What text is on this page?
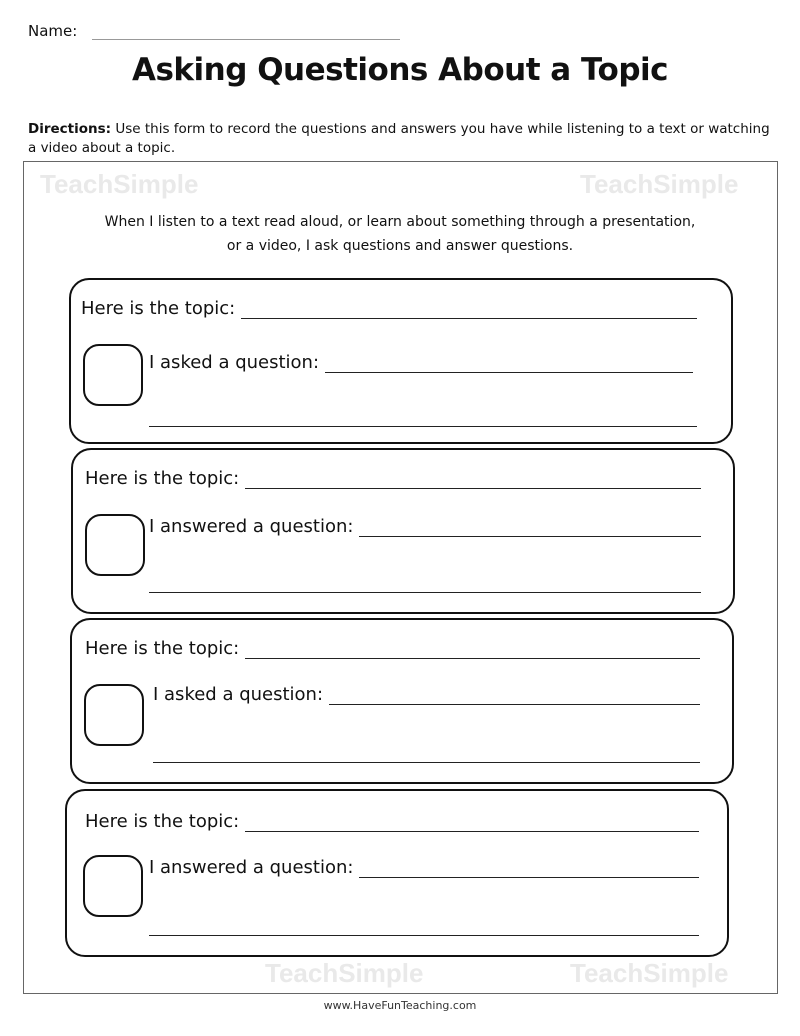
TeachSimple	TeachSimple
TeachSimple	TeachSimple
Name:
Asking Questions About a Topic
Directions: Use this form to record the questions and answers you have while listening to a text or watching a video about a topic.
When I listen to a text read aloud, or learn about something through a presentation, or a video, I ask questions and answer questions.
Here is the topic:
I asked a question:
Here is the topic:
I answered a question:
Here is the topic:
I asked a question:
Here is the topic:
I answered a question:
www.HaveFunTeaching.com
